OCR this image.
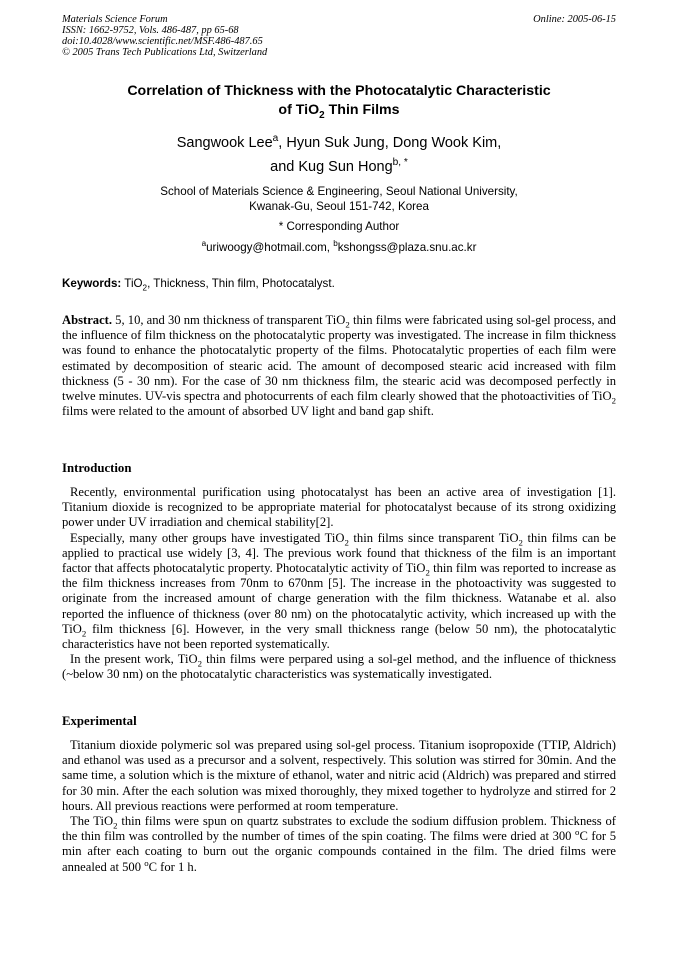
Materials Science Forum
ISSN: 1662-9752, Vols. 486-487, pp 65-68
doi:10.4028/www.scientific.net/MSF.486-487.65
© 2005 Trans Tech Publications Ltd, Switzerland
Online: 2005-06-15
Correlation of Thickness with the Photocatalytic Characteristic
of TiO$_2$ Thin Films
Sangwook Lee$^a$, Hyun Suk Jung, Dong Wook Kim,
and Kug Sun Hong$^{b, *}$
School of Materials Science & Engineering, Seoul National University,
Kwanak-Gu, Seoul 151-742, Korea
* Corresponding Author
$^a$uriwoogy@hotmail.com, $^b$kshongss@plaza.snu.ac.kr
Keywords: TiO$_2$, Thickness, Thin film, Photocatalyst.

Abstract. 5, 10, and 30 nm thickness of transparent TiO$_2$ thin films were fabricated using sol-gel process, and the influence of film thickness on the photocatalytic property was investigated. The increase in film thickness was found to enhance the photocatalytic property of the films. Photocatalytic properties of each film were estimated by decomposition of stearic acid. The amount of decomposed stearic acid increased with film thickness (5 - 30 nm). For the case of 30 nm thickness film, the stearic acid was decomposed perfectly in twelve minutes. UV-vis spectra and photocurrents of each film clearly showed that the photoactivities of TiO$_2$ films were related to the amount of absorbed UV light and band gap shift.

Introduction

Recently, environmental purification using photocatalyst has been an active area of investigation [1]. Titanium dioxide is recognized to be appropriate material for photocatalyst because of its strong oxidizing power under UV irradiation and chemical stability[2].

Especially, many other groups have investigated TiO$_2$ thin films since transparent TiO$_2$ thin films can be applied to practical use widely [3, 4]. The previous work found that thickness of the film is an important factor that affects photocatalytic property. Photocatalytic activity of TiO$_2$ thin film was reported to increase as the film thickness increases from 70nm to 670nm [5]. The increase in the photoactivity was suggested to originate from the increased amount of charge generation with the film thickness. Watanabe et al. also reported the influence of thickness (over 80 nm) on the photocatalytic activity, which increased up with the TiO$_2$ film thickness [6]. However, in the very small thickness range (below 50 nm), the photocatalytic characteristics have not been reported systematically.

In the present work, TiO$_2$ thin films were perpared using a sol-gel method, and the influence of thickness (~below 30 nm) on the photocatalytic characteristics was systematically investigated.

Experimental

Titanium dioxide polymeric sol was prepared using sol-gel process. Titanium isopropoxide (TTIP, Aldrich) and ethanol was used as a precursor and a solvent, respectively. This solution was stirred for 30min. And the same time, a solution which is the mixture of ethanol, water and nitric acid (Aldrich) was prepared and stirred for 30 min. After the each solution was mixed thoroughly, they mixed together to hydrolyze and stirred for 2 hours. All previous reactions were performed at room temperature.

The TiO$_2$ thin films were spun on quartz substrates to exclude the sodium diffusion problem. Thickness of the thin film was controlled by the number of times of the spin coating. The films were dried at 300 $^o$C for 5 min after each coating to burn out the organic compounds contained in the film. The dried films were annealed at 500 $^o$C for 1 h.
